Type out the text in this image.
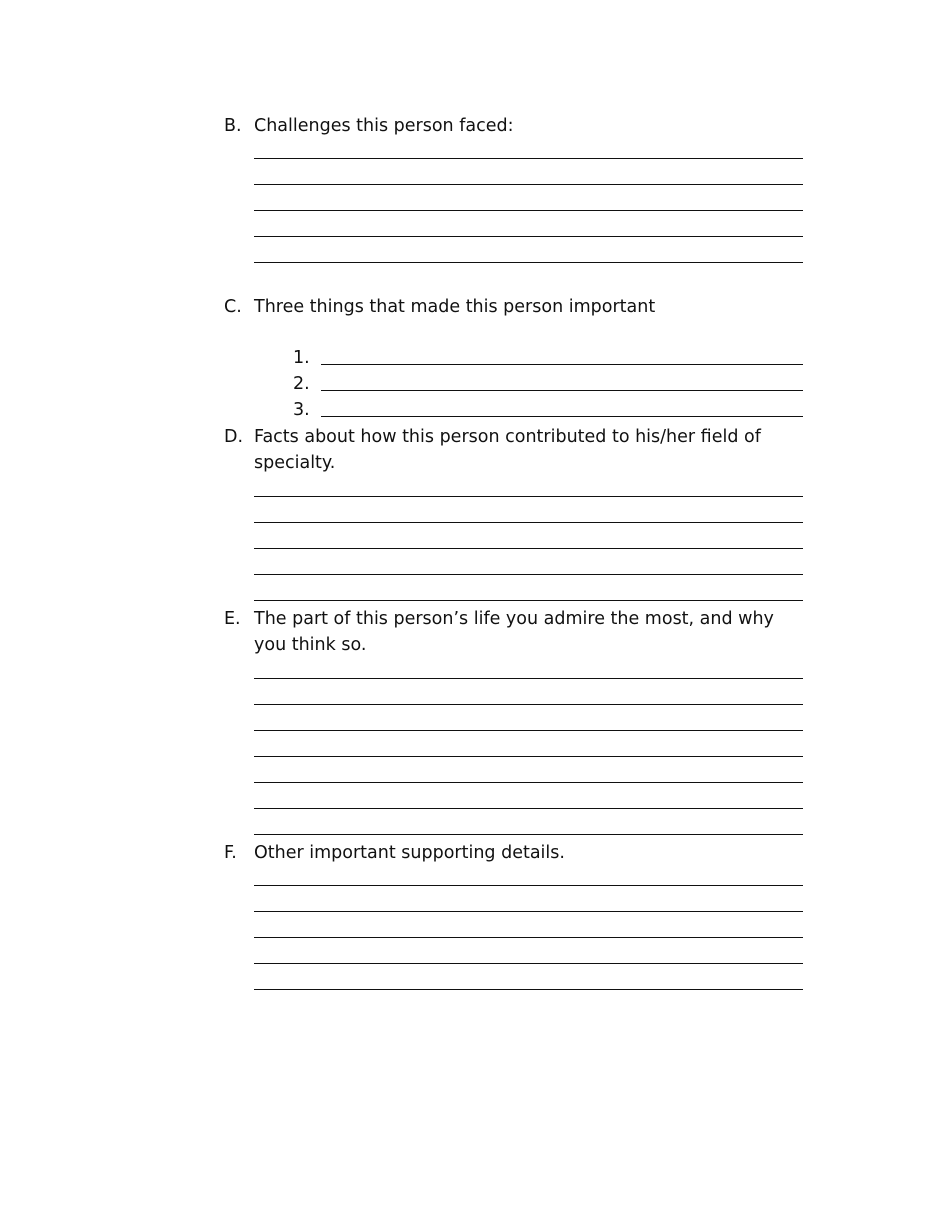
B. Challenges this person faced:
C. Three things that made this person important
1.
2.
3.
D. Facts about how this person contributed to his/her field of specialty.
E. The part of this person’s life you admire the most, and why you think so.
F. Other important supporting details.
